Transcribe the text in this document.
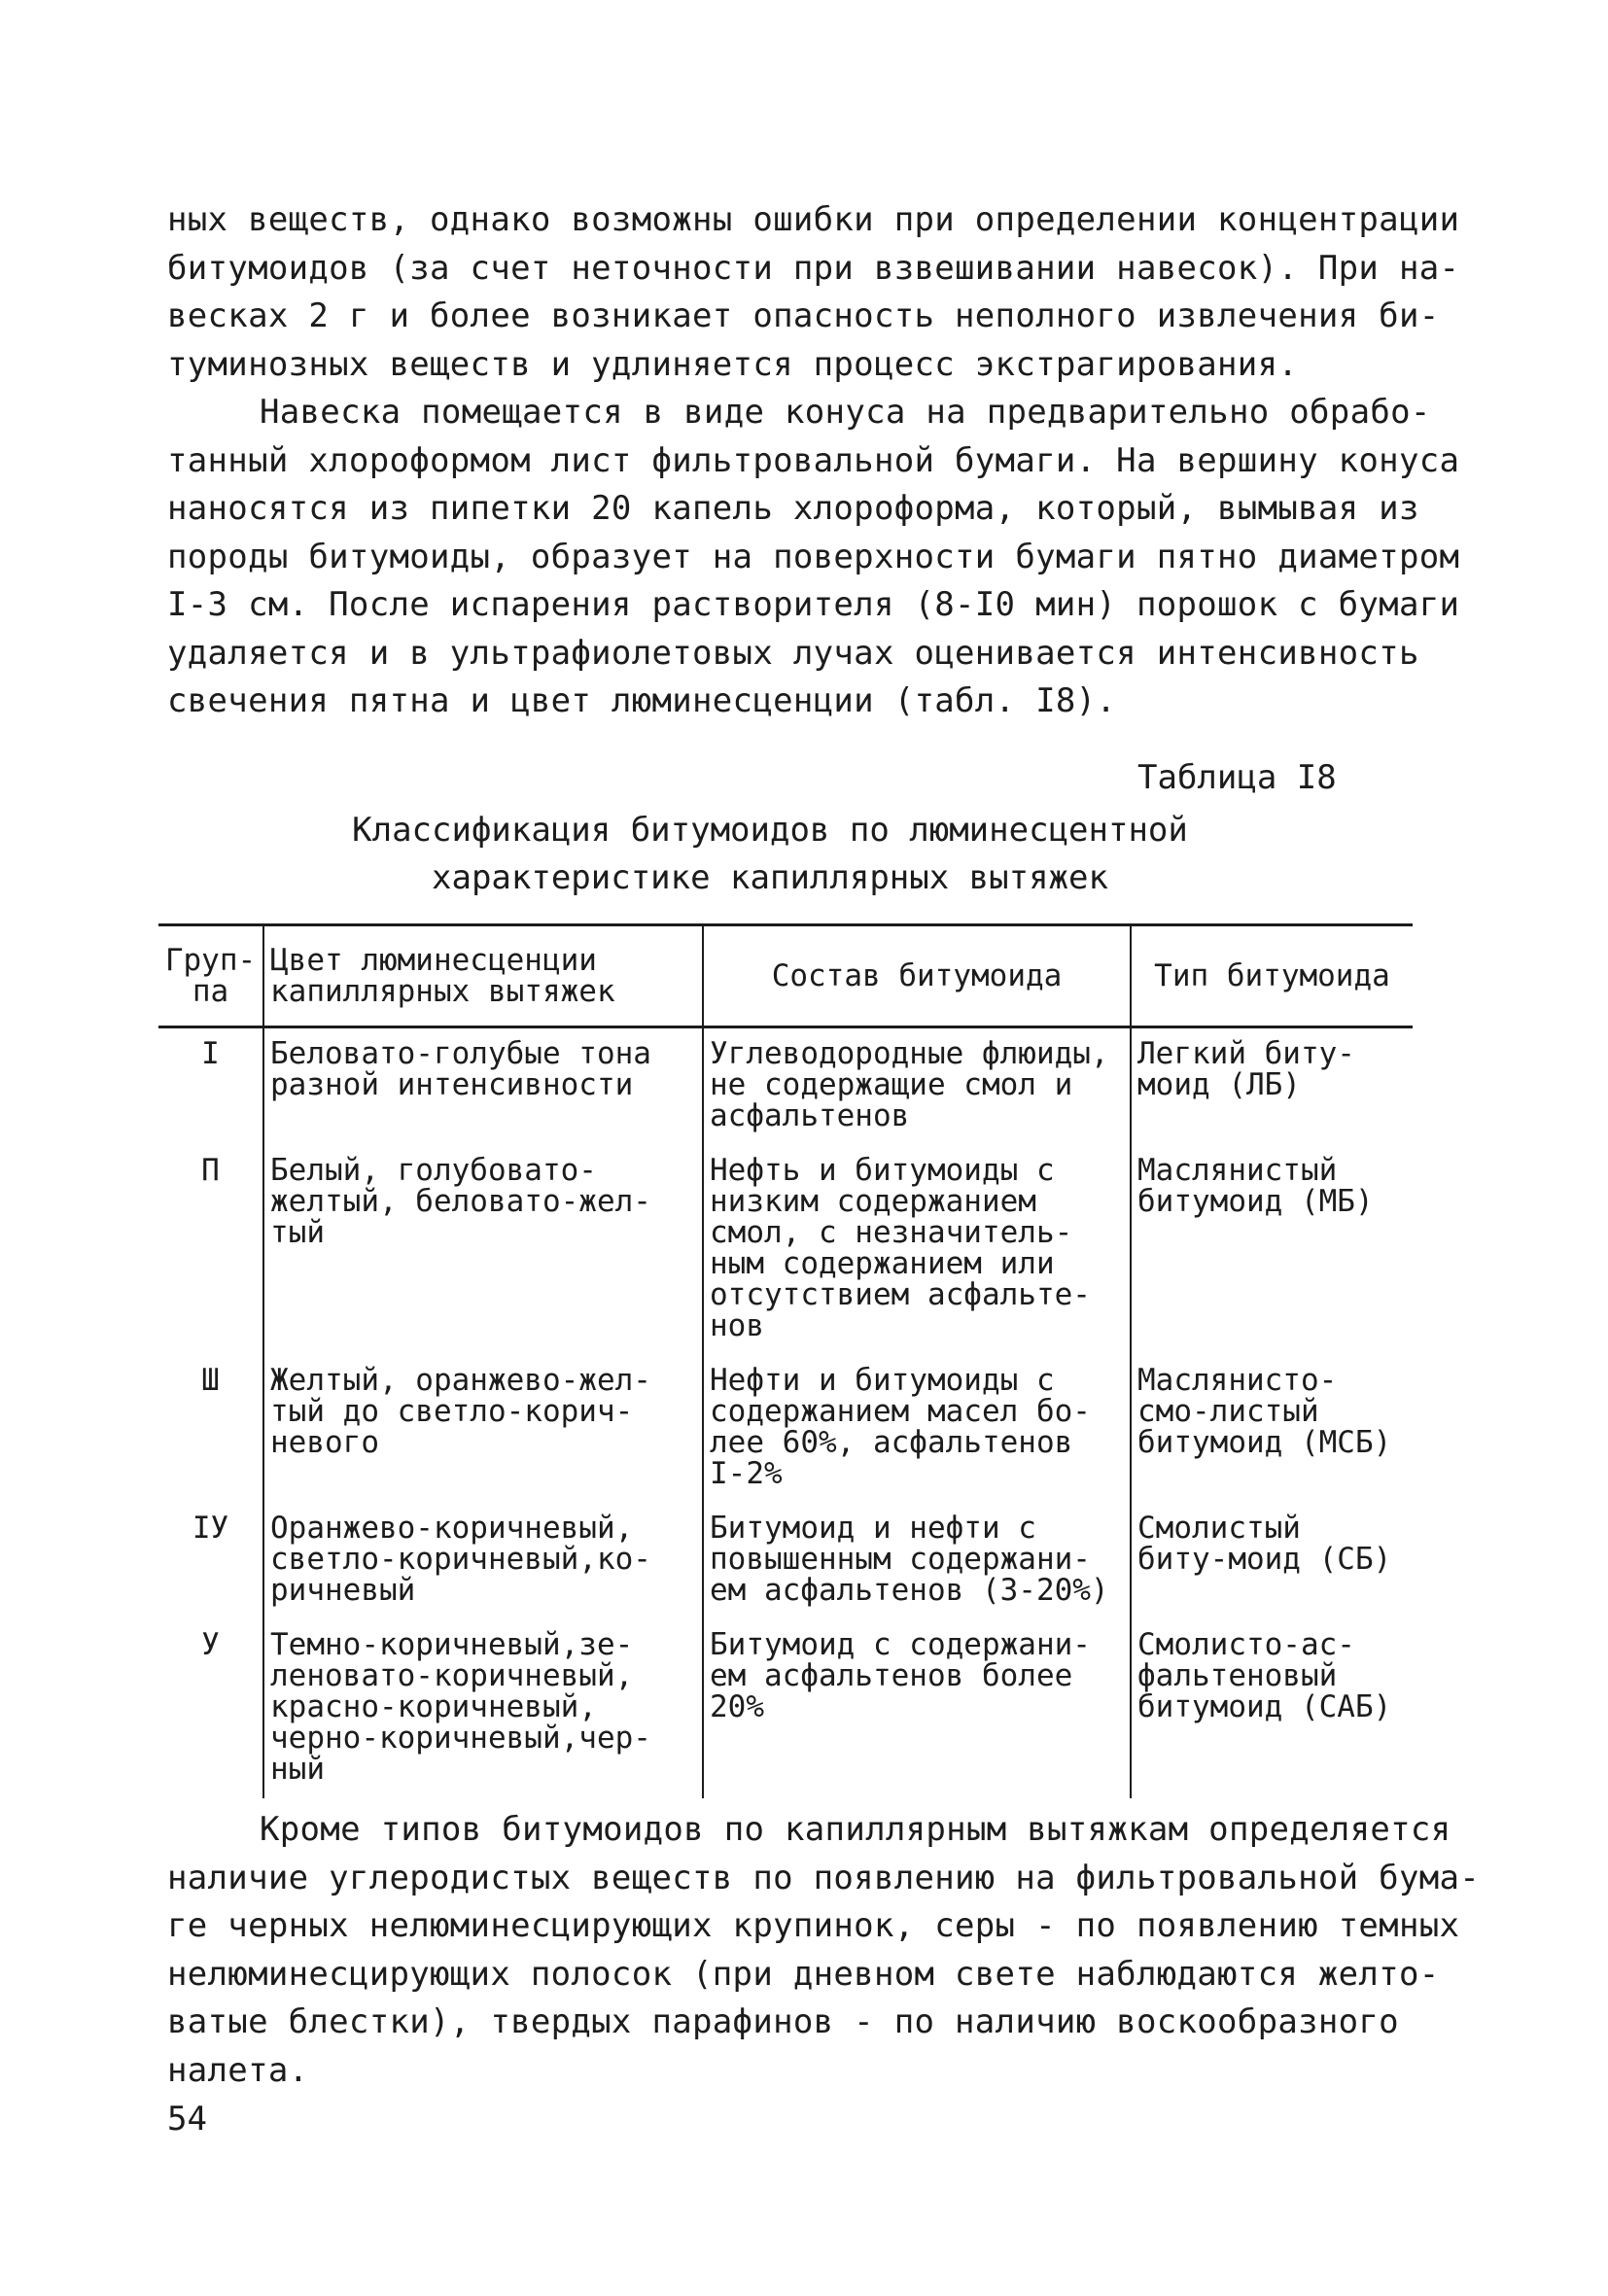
ных веществ, однако возможны ошибки при определении концентрации
битумоидов (за счет неточности при взвешивании навесок). При на-
весках 2 г и более возникает опасность неполного извлечения би-
туминозных веществ и удлиняется процесс экстрагирования.
Навеска помещается в виде конуса на предварительно обрабо-
танный хлороформом лист фильтровальной бумаги. На вершину конуса
наносятся из пипетки 20 капель хлороформа, который, вымывая из
породы битумоиды, образует на поверхности бумаги пятно диаметром
I-3 см. После испарения растворителя (8-I0 мин) порошок с бумаги
удаляется и в ультрафиолетовых лучах оценивается интенсивность
свечения пятна и цвет люминесценции (табл. I8).
Таблица I8
Классификация битумоидов по люминесцентной
характеристике капиллярных вытяжек
Груп-па	Цвет люминесценции капиллярных вытяжек	Состав битумоида	Тип битумоида
I	Беловато-голубые тона разной интенсивности	Углеводородные флюиды, не содержащие смол и асфальтенов	Легкий биту-моид (ЛБ)
П	Белый, голубовато-желтый, беловато-жел-тый	Нефть и битумоиды с низким содержанием смол, с незначитель-ным содержанием или отсутствием асфальте-нов	Маслянистый битумоид (МБ)
Ш	Желтый, оранжево-жел-тый до светло-корич-невого	Нефти и битумоиды с содержанием масел бо-лее 60%, асфальтенов I-2%	Маслянисто-смо-листый битумоид (МСБ)
IУ	Оранжево-коричневый, светло-коричневый,ко-ричневый	Битумоид и нефти с повышенным содержани-ем асфальтенов (3-20%)	Смолистый биту-моид (СБ)
У	Темно-коричневый,зе-леновато-коричневый, красно-коричневый, черно-коричневый,чер-ный	Битумоид с содержани-ем асфальтенов более 20%	Смолисто-ас-фальтеновый битумоид (САБ)
Кроме типов битумоидов по капиллярным вытяжкам определяется
наличие углеродистых веществ по появлению на фильтровальной бума-
ге черных нелюминесцирующих крупинок, серы - по появлению темных
нелюминесцирующих полосок (при дневном свете наблюдаются желто-
ватые блестки), твердых парафинов - по наличию воскообразного
налета.
54
